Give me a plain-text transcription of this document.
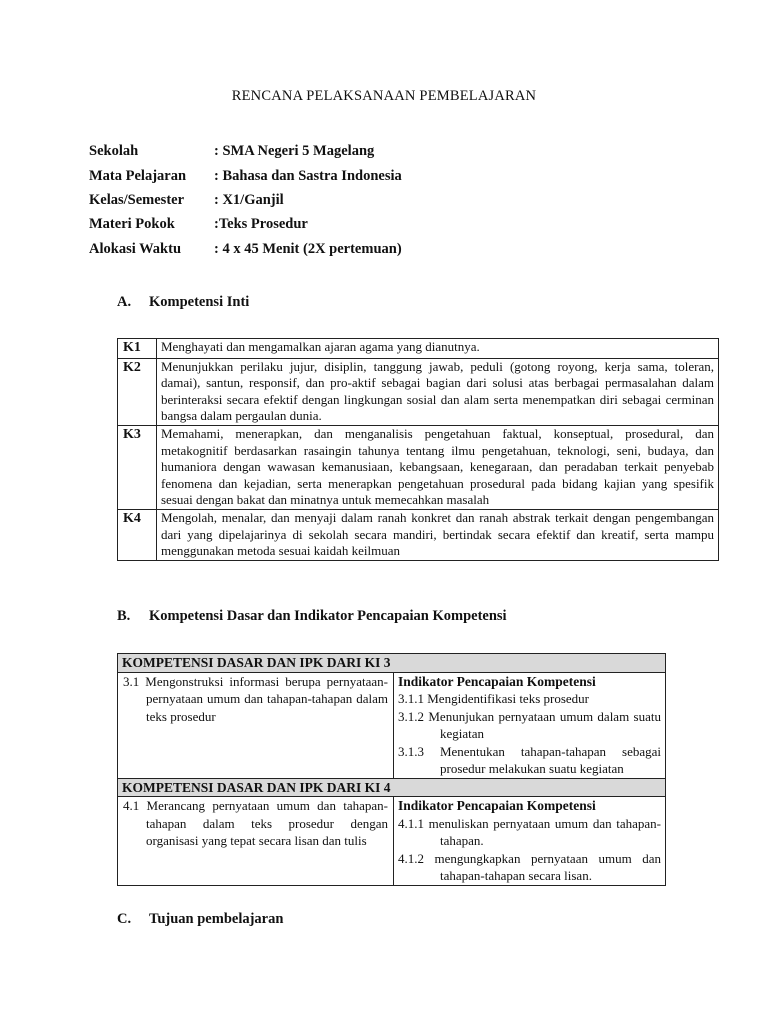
RENCANA PELAKSANAAN PEMBELAJARAN
Sekolah	: SMA Negeri 5 Magelang
Mata Pelajaran : Bahasa dan Sastra Indonesia
Kelas/Semester : X1/Ganjil
Materi Pokok	:Teks Prosedur
Alokasi Waktu : 4 x 45 Menit (2X pertemuan)
A. Kompetensi Inti
K1	Menghayati dan mengamalkan ajaran agama yang dianutnya.
K2	Menunjukkan perilaku jujur, disiplin, tanggung jawab, peduli (gotong royong, kerja sama, toleran, damai), santun, responsif, dan pro-aktif sebagai bagian dari solusi atas berbagai permasalahan dalam berinteraksi secara efektif dengan lingkungan sosial dan alam serta menempatkan diri sebagai cerminan bangsa dalam pergaulan dunia.
K3	Memahami, menerapkan, dan menganalisis pengetahuan faktual, konseptual, prosedural, dan metakognitif berdasarkan rasaingin tahunya tentang ilmu pengetahuan, teknologi, seni, budaya, dan humaniora dengan wawasan kemanusiaan, kebangsaan, kenegaraan, dan peradaban terkait penyebab fenomena dan kejadian, serta menerapkan pengetahuan prosedural pada bidang kajian yang spesifik sesuai dengan bakat dan minatnya untuk memecahkan masalah
K4	Mengolah, menalar, dan menyaji dalam ranah konkret dan ranah abstrak terkait dengan pengembangan dari yang dipelajarinya di sekolah secara mandiri, bertindak secara efektif dan kreatif, serta mampu menggunakan metoda sesuai kaidah keilmuan
B. Kompetensi Dasar dan Indikator Pencapaian Kompetensi
KOMPETENSI DASAR DAN IPK DARI KI 3	

3.1 Mengonstruksi informasi berupa pernyataan-pernyataan umum dan tahapan-tahapan dalam teks prosedur	Indikator Pencapaian Kompetensi
3.1.1 Mengidentifikasi teks prosedur
3.1.2 Menunjukan pernyataan umum dalam suatu kegiatan
3.1.3 Menentukan tahapan-tahapan sebagai prosedur melakukan suatu kegiatan

KOMPETENSI DASAR DAN IPK DARI KI 4	

4.1 Merancang pernyataan umum dan tahapan-tahapan dalam teks prosedur dengan organisasi yang tepat secara lisan dan tulis	Indikator Pencapaian Kompetensi
4.1.1 menuliskan pernyataan umum dan tahapan-tahapan.
4.1.2 mengungkapkan pernyataan umum dan tahapan-tahapan secara lisan.
C. Tujuan pembelajaran
